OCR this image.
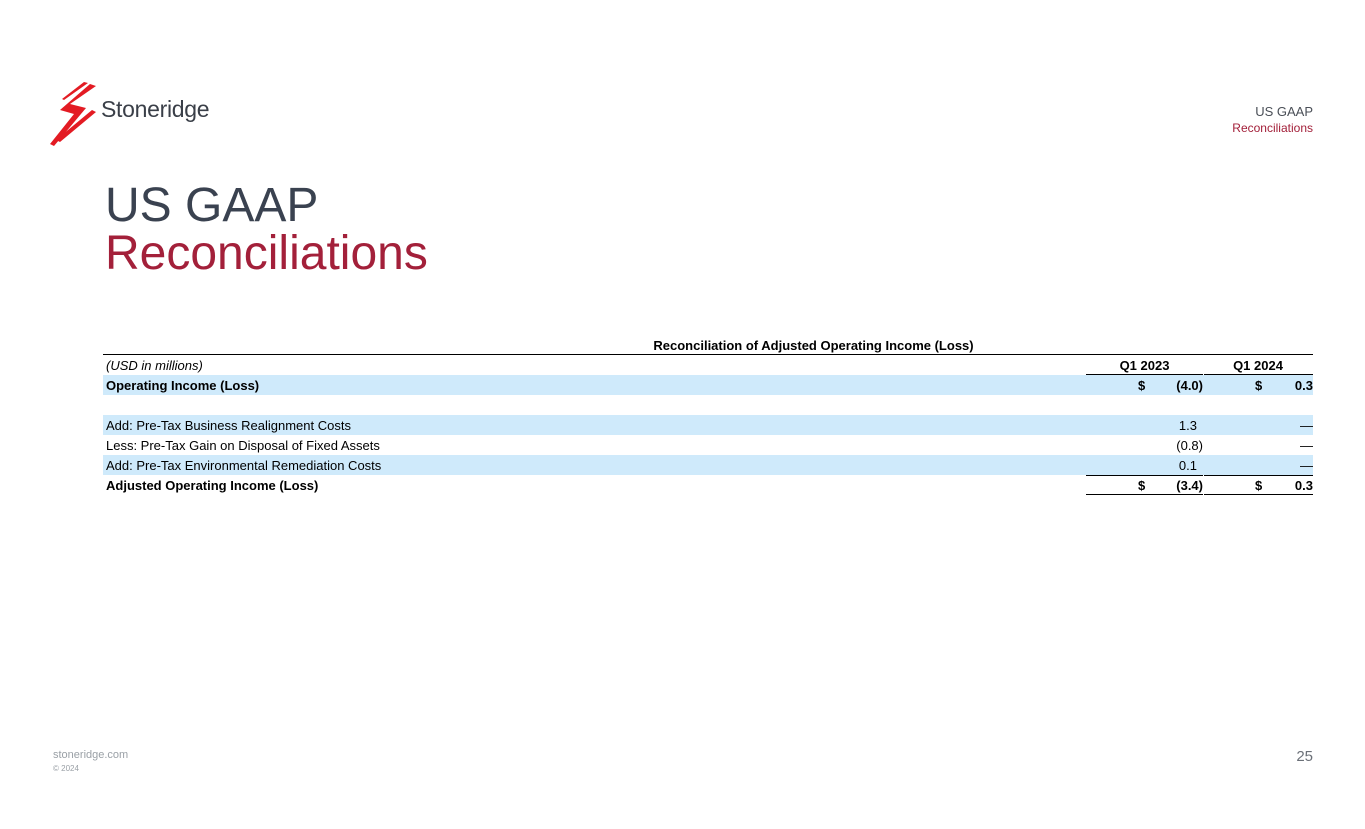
Stoneridge	US GAAP
Reconciliations
US GAAP
Reconciliations
Reconciliation of Adjusted Operating Income (Loss)
(USD in millions)	Q1 2023	Q1 2024
Operating Income (Loss)	$	(4.0)	$	0.3
Add: Pre-Tax Business Realignment Costs	1.3	—
Less: Pre-Tax Gain on Disposal of Fixed Assets	(0.8)	—
Add: Pre-Tax Environmental Remediation Costs	0.1	—
Adjusted Operating Income (Loss)	$	(3.4)	$	0.3
stoneridge.com
© 2024
25
